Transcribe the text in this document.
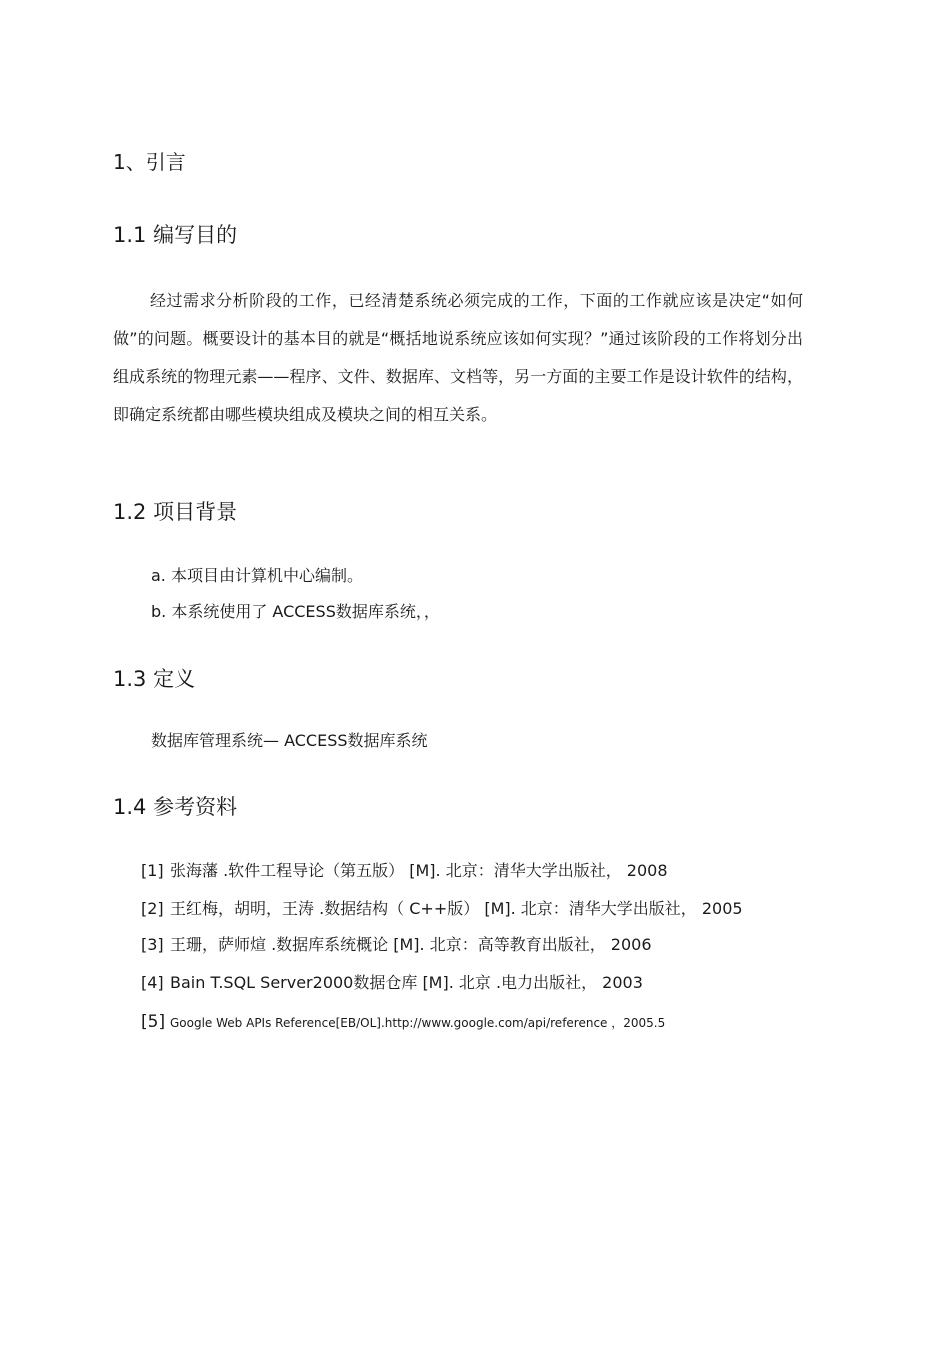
1、引言
1.1 编写目的
经过需求分析阶段的工作，已经清楚系统必须完成的工作，下面的工作就应该是决定“如何做”的问题。概要设计的基本目的就是“概括地说系统应该如何实现？”通过该阶段的工作将划分出组成系统的物理元素——程序、文件、数据库、文档等，另一方面的主要工作是设计软件的结构，即确定系统都由哪些模块组成及模块之间的相互关系。
1.2 项目背景
a. 本项目由计算机中心编制。
b. 本系统使用了 ACCESS数据库系统，，
1.3 定义
数据库管理系统— ACCESS数据库系统
1.4 参考资料
[1] 张海藩 .软件工程导论（第五版） [M]. 北京：清华大学出版社， 2008
[2] 王红梅，胡明，王涛 .数据结构（ C++版） [M]. 北京：清华大学出版社， 2005
[3] 王珊，萨师煊 .数据库系统概论 [M]. 北京：高等教育出版社， 2006
[4] Bain T.SQL Server2000数据仓库 [M]. 北京 .电力出版社， 2003
[5] Google Web APIs Reference[EB/OL].http://www.google.com/api/reference ，2005.5
